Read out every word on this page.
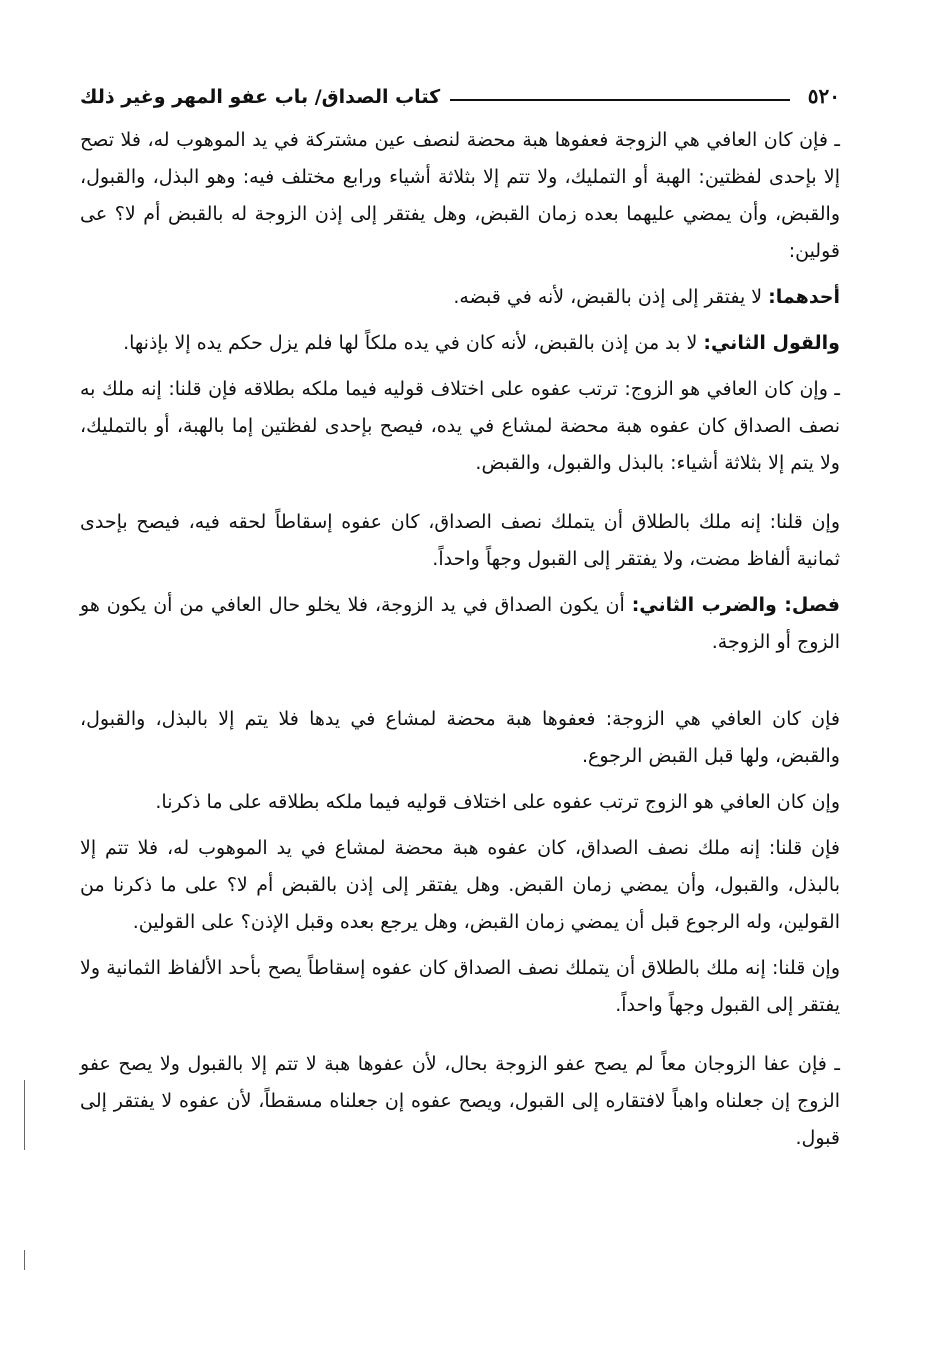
٥٢٠
كتاب الصداق/ باب عفو المهر وغير ذلك

ـ فإن كان العافي هي الزوجة فعفوها هبة محضة لنصف عين مشتركة في يد الموهوب له، فلا تصح إلا بإحدى لفظتين: الهبة أو التمليك، ولا تتم إلا بثلاثة أشياء ورابع مختلف فيه: وهو البذل، والقبول، والقبض، وأن يمضي عليهما بعده زمان القبض، وهل يفتقر إلى إذن الزوجة له بالقبض أم لا؟ عى قولين:

أحدهما: لا يفتقر إلى إذن بالقبض، لأنه في قبضه.

والقول الثاني: لا بد من إذن بالقبض، لأنه كان في يده ملكاً لها فلم يزل حكم يده إلا بإذنها.

ـ وإن كان العافي هو الزوج: ترتب عفوه على اختلاف قوليه فيما ملكه بطلاقه فإن قلنا: إنه ملك به نصف الصداق كان عفوه هبة محضة لمشاع في يده، فيصح بإحدى لفظتين إما بالهبة، أو بالتمليك، ولا يتم إلا بثلاثة أشياء: بالبذل والقبول، والقبض.

وإن قلنا: إنه ملك بالطلاق أن يتملك نصف الصداق، كان عفوه إسقاطاً لحقه فيه، فيصح بإحدى ثمانية ألفاظ مضت، ولا يفتقر إلى القبول وجهاً واحداً.

فصل: والضرب الثاني: أن يكون الصداق في يد الزوجة، فلا يخلو حال العافي من أن يكون هو الزوج أو الزوجة.

فإن كان العافي هي الزوجة: فعفوها هبة محضة لمشاع في يدها فلا يتم إلا بالبذل، والقبول، والقبض، ولها قبل القبض الرجوع.

وإن كان العافي هو الزوج ترتب عفوه على اختلاف قوليه فيما ملكه بطلاقه على ما ذكرنا.

فإن قلنا: إنه ملك نصف الصداق، كان عفوه هبة محضة لمشاع في يد الموهوب له، فلا تتم إلا بالبذل، والقبول، وأن يمضي زمان القبض. وهل يفتقر إلى إذن بالقبض أم لا؟ على ما ذكرنا من القولين، وله الرجوع قبل أن يمضي زمان القبض، وهل يرجع بعده وقبل الإذن؟ على القولين.

وإن قلنا: إنه ملك بالطلاق أن يتملك نصف الصداق كان عفوه إسقاطاً يصح بأحد الألفاظ الثمانية ولا يفتقر إلى القبول وجهاً واحداً.

ـ فإن عفا الزوجان معاً لم يصح عفو الزوجة بحال، لأن عفوها هبة لا تتم إلا بالقبول ولا يصح عفو الزوج إن جعلناه واهباً لافتقاره إلى القبول، ويصح عفوه إن جعلناه مسقطاً، لأن عفوه لا يفتقر إلى قبول.
